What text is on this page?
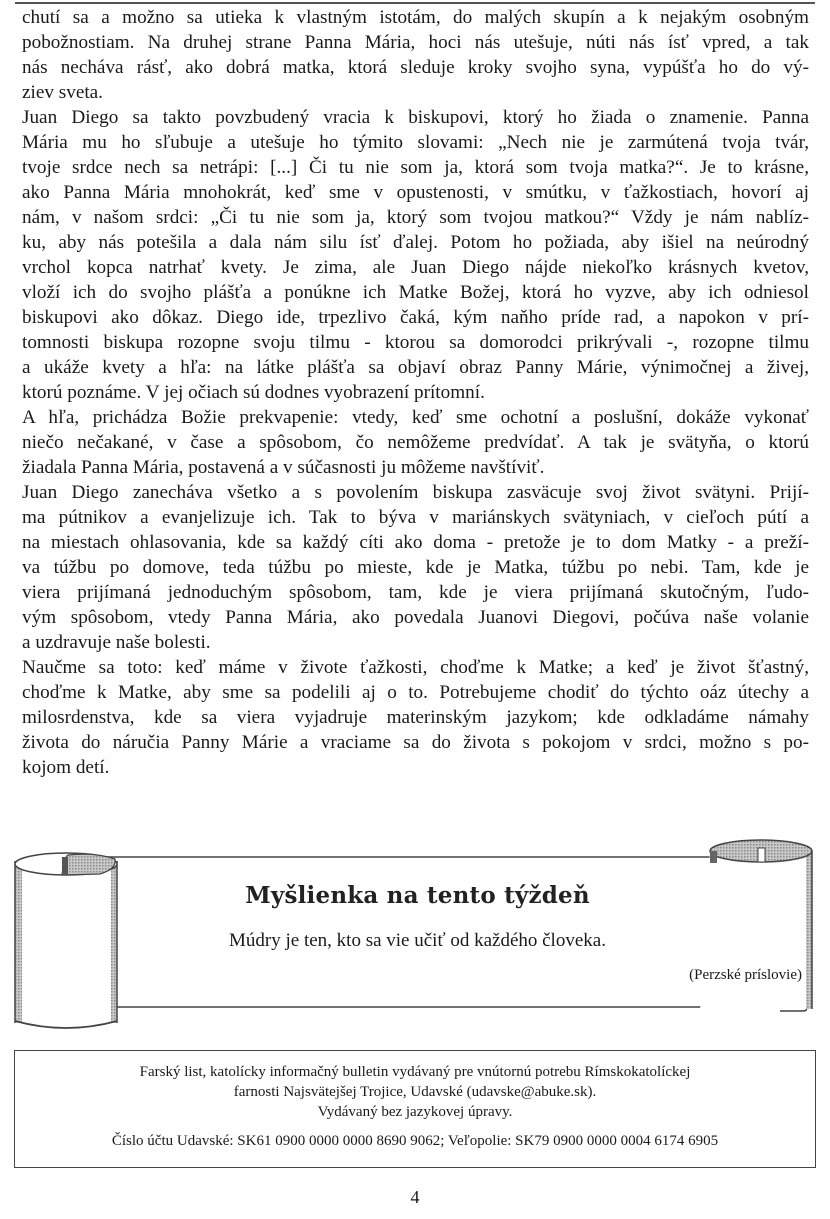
chutí sa a možno sa utieka k vlastným istotám, do malých skupín a k nejakým osobným
pobožnostiam. Na druhej strane Panna Mária, hoci nás utešuje, núti nás ísť vpred, a tak
nás necháva rásť, ako dobrá matka, ktorá sleduje kroky svojho syna, vypúšťa ho do vý-
ziev sveta.
Juan Diego sa takto povzbudený vracia k biskupovi, ktorý ho žiada o znamenie. Panna
Mária mu ho sľubuje a utešuje ho týmito slovami: „Nech nie je zarmútená tvoja tvár,
tvoje srdce nech sa netrápi: [...] Či tu nie som ja, ktorá som tvoja matka?“. Je to krásne,
ako Panna Mária mnohokrát, keď sme v opustenosti, v smútku, v ťažkostiach, hovorí aj
nám, v našom srdci: „Či tu nie som ja, ktorý som tvojou matkou?“ Vždy je nám nablíz-
ku, aby nás potešila a dala nám silu ísť ďalej. Potom ho požiada, aby išiel na neúrodný
vrchol kopca natrhať kvety. Je zima, ale Juan Diego nájde niekoľko krásnych kvetov,
vloží ich do svojho plášťa a ponúkne ich Matke Božej, ktorá ho vyzve, aby ich odniesol
biskupovi ako dôkaz. Diego ide, trpezlivo čaká, kým naňho príde rad, a napokon v prí-
tomnosti biskupa rozopne svoju tilmu - ktorou sa domorodci prikrývali -, rozopne tilmu
a ukáže kvety a hľa: na látke plášťa sa objaví obraz Panny Márie, výnimočnej a živej,
ktorú poznáme. V jej očiach sú dodnes vyobrazení prítomní.
A hľa, prichádza Božie prekvapenie: vtedy, keď sme ochotní a poslušní, dokáže vykonať
niečo nečakané, v čase a spôsobom, čo nemôžeme predvídať. A tak je svätyňa, o ktorú
žiadala Panna Mária, postavená a v súčasnosti ju môžeme navštíviť.
Juan Diego zanecháva všetko a s povolením biskupa zasväcuje svoj život svätyni. Prijí-
ma pútnikov a evanjelizuje ich. Tak to býva v mariánskych svätyniach, v cieľoch pútí a
na miestach ohlasovania, kde sa každý cíti ako doma - pretože je to dom Matky - a preží-
va túžbu po domove, teda túžbu po mieste, kde je Matka, túžbu po nebi. Tam, kde je
viera prijímaná jednoduchým spôsobom, tam, kde je viera prijímaná skutočným, ľudo-
vým spôsobom, vtedy Panna Mária, ako povedala Juanovi Diegovi, počúva naše volanie
a uzdravuje naše bolesti.
Naučme sa toto: keď máme v živote ťažkosti, choďme k Matke; a keď je život šťastný,
choďme k Matke, aby sme sa podelili aj o to. Potrebujeme chodiť do týchto oáz útechy a
milosrdenstva, kde sa viera vyjadruje materinským jazykom; kde odkladáme námahy
života do náručia Panny Márie a vraciame sa do života s pokojom v srdci, možno s po-
kojom detí.
Myšlienka na tento týždeň
Múdry je ten, kto sa vie učiť od každého človeka.
(Perzské príslovie)
Farský list, katolícky informačný bulletin vydávaný pre vnútornú potrebu Rímskokatolíckej
farnosti Najsvätejšej Trojice, Udavské (udavske@abuke.sk).
Vydávaný bez jazykovej úpravy.
Číslo účtu Udavské: SK61 0900 0000 0000 8690 9062; Veľopolie: SK79 0900 0000 0004 6174 6905
4
